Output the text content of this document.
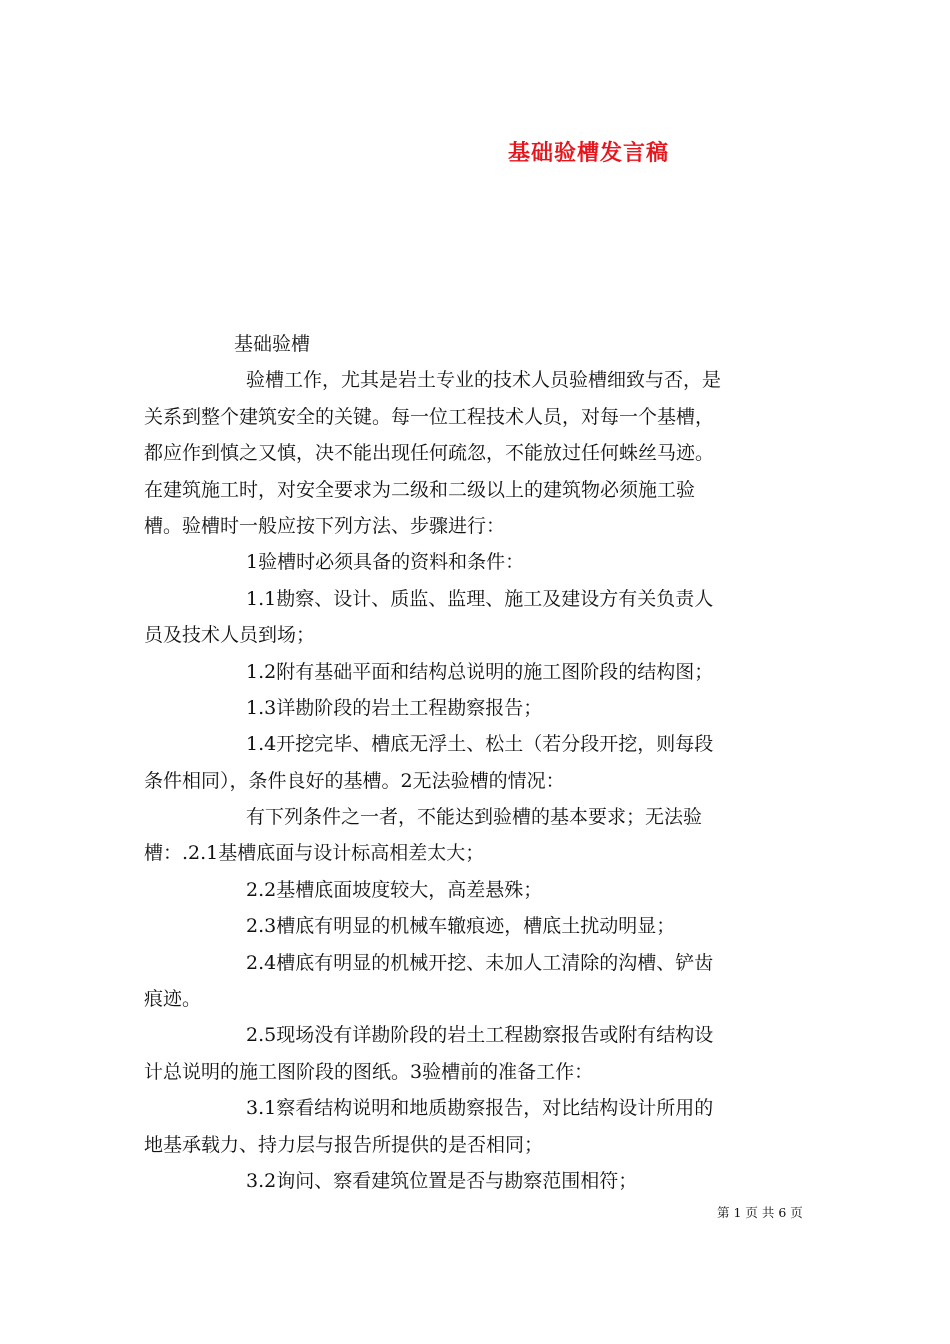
基础验槽发言稿
基础验槽
验槽工作，尤其是岩土专业的技术人员验槽细致与否，是
关系到整个建筑安全的关键。每一位工程技术人员，对每一个基槽，
都应作到慎之又慎，决不能出现任何疏忽，不能放过任何蛛丝马迹。
在建筑施工时，对安全要求为二级和二级以上的建筑物必须施工验
槽。验槽时一般应按下列方法、步骤进行：
1验槽时必须具备的资料和条件：
1.1勘察、设计、质监、监理、施工及建设方有关负责人
员及技术人员到场；
1.2附有基础平面和结构总说明的施工图阶段的结构图；
1.3详勘阶段的岩土工程勘察报告；
1.4开挖完毕、槽底无浮土、松土（若分段开挖，则每段
条件相同），条件良好的基槽。2无法验槽的情况：
有下列条件之一者，不能达到验槽的基本要求；无法验
槽：.2.1基槽底面与设计标高相差太大；
2.2基槽底面坡度较大，高差悬殊；
2.3槽底有明显的机械车辙痕迹，槽底土扰动明显；
2.4槽底有明显的机械开挖、未加人工清除的沟槽、铲齿
痕迹。
2.5现场没有详勘阶段的岩土工程勘察报告或附有结构设
计总说明的施工图阶段的图纸。3验槽前的准备工作：
3.1察看结构说明和地质勘察报告，对比结构设计所用的
地基承载力、持力层与报告所提供的是否相同；
3.2询问、察看建筑位置是否与勘察范围相符；
第 1 页 共 6 页
